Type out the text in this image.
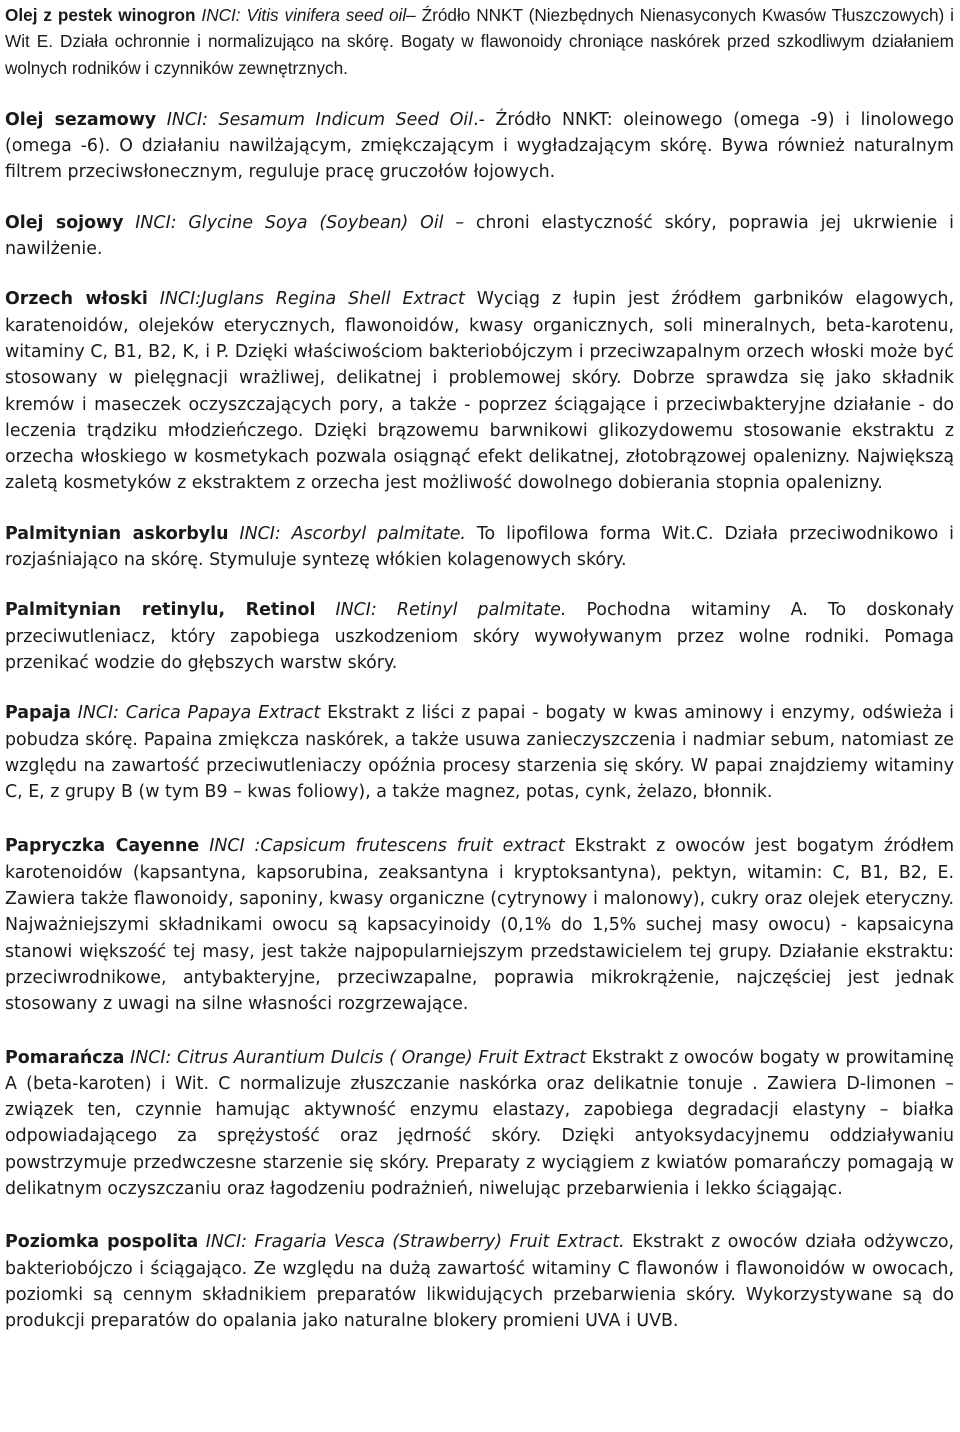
Olej z pestek winogron INCI: Vitis vinifera seed oil– Źródło NNKT (Niezbędnych Nienasyconych Kwasów Tłuszczowych) i Wit E. Działa ochronnie i normalizująco na skórę. Bogaty w flawonoidy chroniące naskórek przed szkodliwym działaniem wolnych rodników i czynników zewnętrznych.

Olej sezamowy INCI: Sesamum Indicum Seed Oil.- Źródło NNKT: oleinowego (omega -9) i linolowego (omega -6). O działaniu nawilżającym, zmiękczającym i wygładzającym skórę. Bywa również naturalnym filtrem przeciwsłonecznym, reguluje pracę gruczołów łojowych.

Olej sojowy INCI: Glycine Soya (Soybean) Oil – chroni elastyczność skóry, poprawia jej ukrwienie i nawilżenie.

Orzech włoski INCI:Juglans Regina Shell Extract Wyciąg z łupin jest źródłem garbników elagowych, karatenoidów, olejeków eterycznych, flawonoidów, kwasy organicznych, soli mineralnych, beta-karotenu, witaminy C, B1, B2, K, i P. Dzięki właściwościom bakteriobójczym i przeciwzapalnym orzech włoski może być stosowany w pielęgnacji wrażliwej, delikatnej i problemowej skóry. Dobrze sprawdza się jako składnik kremów i maseczek oczyszczających pory, a także - poprzez ściągające i przeciwbakteryjne działanie - do leczenia trądziku młodzieńczego. Dzięki brązowemu barwnikowi glikozydowemu stosowanie ekstraktu z orzecha włoskiego w kosmetykach pozwala osiągnąć efekt delikatnej, złotobrązowej opalenizny. Największą zaletą kosmetyków z ekstraktem z orzecha jest możliwość dowolnego dobierania stopnia opalenizny.

Palmitynian askorbylu INCI: Ascorbyl palmitate. To lipofilowa forma Wit.C. Działa przeciwodnikowo i rozjaśniająco na skórę. Stymuluje syntezę włókien kolagenowych skóry.

Palmitynian retinylu, Retinol INCI: Retinyl palmitate. Pochodna witaminy A. To doskonały przeciwutleniacz, który zapobiega uszkodzeniom skóry wywoływanym przez wolne rodniki. Pomaga przenikać wodzie do głębszych warstw skóry.

Papaja INCI: Carica Papaya Extract Ekstrakt z liści z papai - bogaty w kwas aminowy i enzymy, odświeża i pobudza skórę. Papaina zmiękcza naskórek, a także usuwa zanieczyszczenia i nadmiar sebum, natomiast ze względu na zawartość przeciwutleniaczy opóźnia procesy starzenia się skóry. W papai znajdziemy witaminy C, E, z grupy B (w tym B9 – kwas foliowy), a także magnez, potas, cynk, żelazo, błonnik.

Papryczka Cayenne INCI :Capsicum frutescens fruit extract Ekstrakt z owoców jest bogatym źródłem karotenoidów (kapsantyna, kapsorubina, zeaksantyna i kryptoksantyna), pektyn, witamin: C, B1, B2, E. Zawiera także flawonoidy, saponiny, kwasy organiczne (cytrynowy i malonowy), cukry oraz olejek eteryczny. Najważniejszymi składnikami owocu są kapsacyinoidy (0,1% do 1,5% suchej masy owocu) - kapsaicyna stanowi większość tej masy, jest także najpopularniejszym przedstawicielem tej grupy. Działanie ekstraktu: przeciwrodnikowe, antybakteryjne, przeciwzapalne, poprawia mikrokrążenie, najczęściej jest jednak stosowany z uwagi na silne własności rozgrzewające.

Pomarańcza INCI: Citrus Aurantium Dulcis ( Orange) Fruit Extract Ekstrakt z owoców bogaty w prowitaminę A (beta-karoten) i Wit. C normalizuje złuszczanie naskórka oraz delikatnie tonuje . Zawiera D-limonen – związek ten, czynnie hamując aktywność enzymu elastazy, zapobiega degradacji elastyny – białka odpowiadającego za sprężystość oraz jędrność skóry. Dzięki antyoksydacyjnemu oddziaływaniu powstrzymuje przedwczesne starzenie się skóry. Preparaty z wyciągiem z kwiatów pomarańczy pomagają w delikatnym oczyszczaniu oraz łagodzeniu podrażnień, niwelując przebarwienia i lekko ściągając.

Poziomka pospolita INCI: Fragaria Vesca (Strawberry) Fruit Extract. Ekstrakt z owoców działa odżywczo, bakteriobójczo i ściągająco. Ze względu na dużą zawartość witaminy C flawonów i flawonoidów w owocach, poziomki są cennym składnikiem preparatów likwidujących przebarwienia skóry. Wykorzystywane są do produkcji preparatów do opalania jako naturalne blokery promieni UVA i UVB.
